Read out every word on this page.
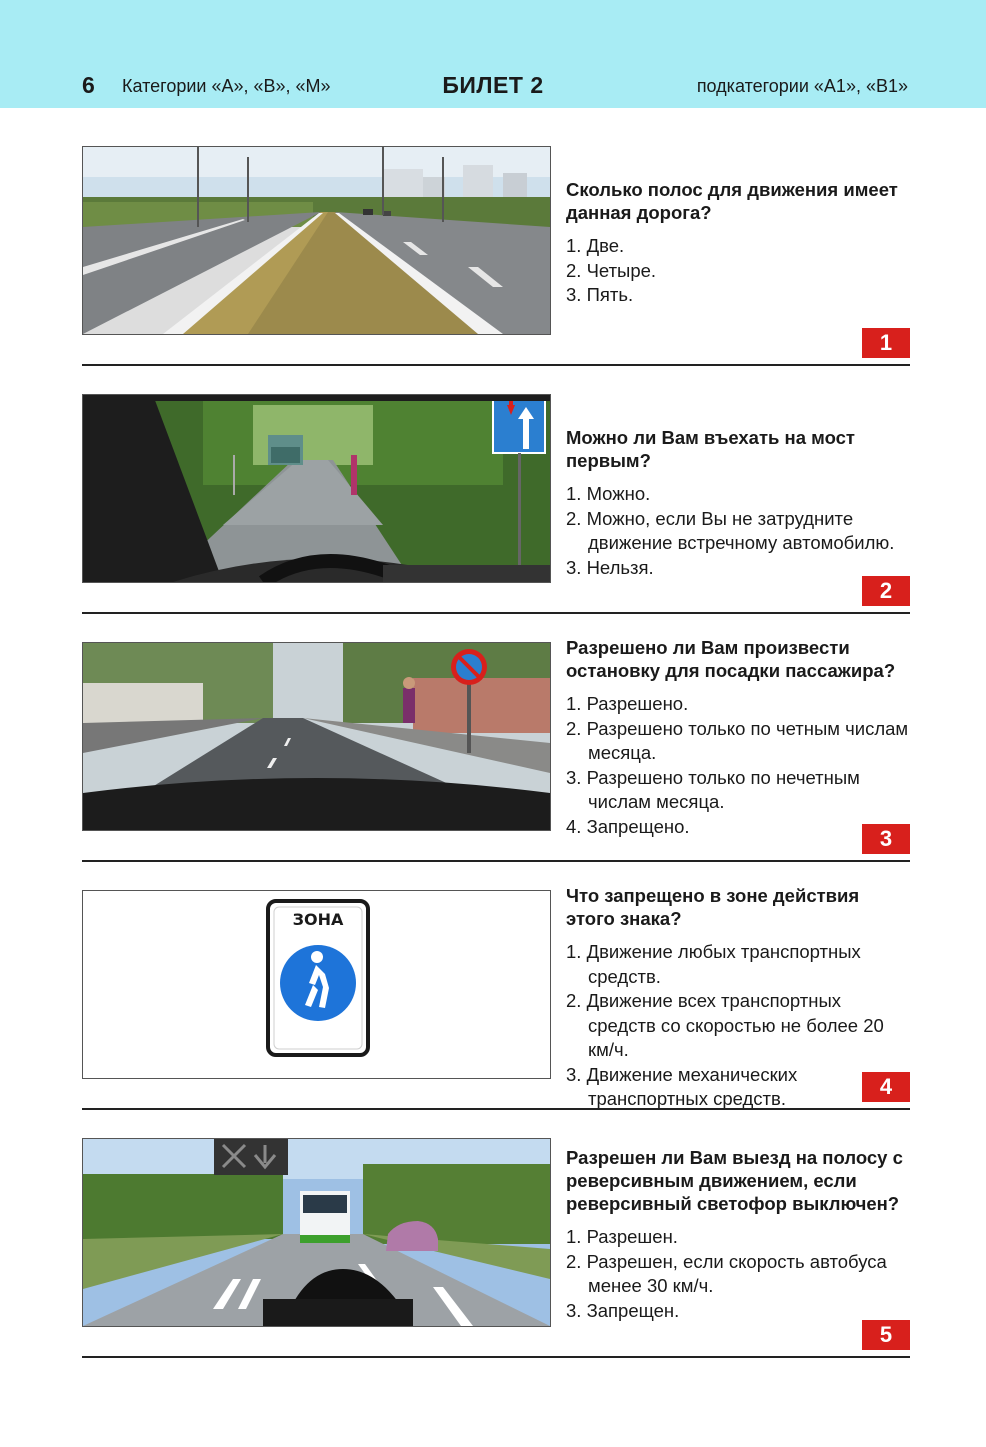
6 Категории «А», «В», «М»	БИЛЕТ 2	подкатегории «А1», «В1»
Сколько полос для движения имеет данная дорога?
1. Две.
2. Четыре.
3. Пять.
1
Можно ли Вам въехать на мост первым?
1. Можно.
2. Можно, если Вы не затрудните движение встречному автомобилю.
3. Нельзя.
2
Разрешено ли Вам произвести остановку для посадки пассажира?
1. Разрешено.
2. Разрешено только по четным числам месяца.
3. Разрешено только по нечетным числам месяца.
4. Запрещено.	3
ЗОНА
Что запрещено в зоне действия этого знака?
1. Движение любых транспортных средств.
2. Движение всех транспортных средств со скоростью не более 20 км/ч.
3. Движение механических транспортных средств.	4
Разрешен ли Вам выезд на полосу с реверсивным движением, если реверсивный светофор выключен?
1. Разрешен.
2. Разрешен, если скорость автобуса менее 30 км/ч.
3. Запрещен.
5
